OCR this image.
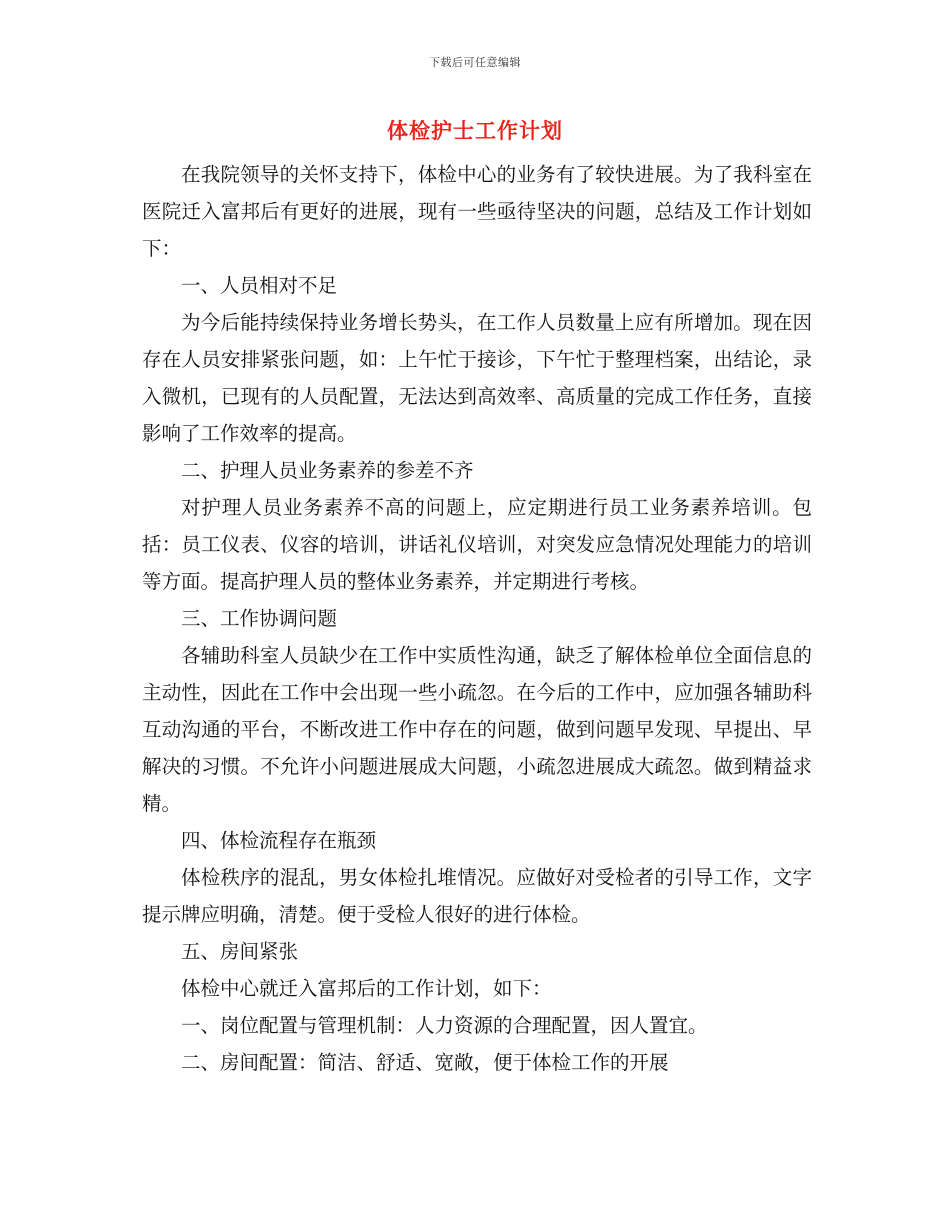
下载后可任意编辑
体检护士工作计划

在我院领导的关怀支持下，体检中心的业务有了较快进展。为了我科室在医院迁入富邦后有更好的进展，现有一些亟待坚决的问题，总结及工作计划如下：

一、人员相对不足

为今后能持续保持业务增长势头，在工作人员数量上应有所增加。现在因存在人员安排紧张问题，如：上午忙于接诊，下午忙于整理档案，出结论，录入微机，已现有的人员配置，无法达到高效率、高质量的完成工作任务，直接影响了工作效率的提高。

二、护理人员业务素养的参差不齐

对护理人员业务素养不高的问题上，应定期进行员工业务素养培训。包括：员工仪表、仪容的培训，讲话礼仪培训，对突发应急情况处理能力的培训等方面。提高护理人员的整体业务素养，并定期进行考核。

三、工作协调问题

各辅助科室人员缺少在工作中实质性沟通，缺乏了解体检单位全面信息的主动性，因此在工作中会出现一些小疏忽。在今后的工作中，应加强各辅助科互动沟通的平台，不断改进工作中存在的问题，做到问题早发现、早提出、早解决的习惯。不允许小问题进展成大问题，小疏忽进展成大疏忽。做到精益求精。

四、体检流程存在瓶颈

体检秩序的混乱，男女体检扎堆情况。应做好对受检者的引导工作，文字提示牌应明确，清楚。便于受检人很好的进行体检。

五、房间紧张

体检中心就迁入富邦后的工作计划，如下：

一、岗位配置与管理机制：人力资源的合理配置，因人置宜。

二、房间配置：简洁、舒适、宽敞，便于体检工作的开展
